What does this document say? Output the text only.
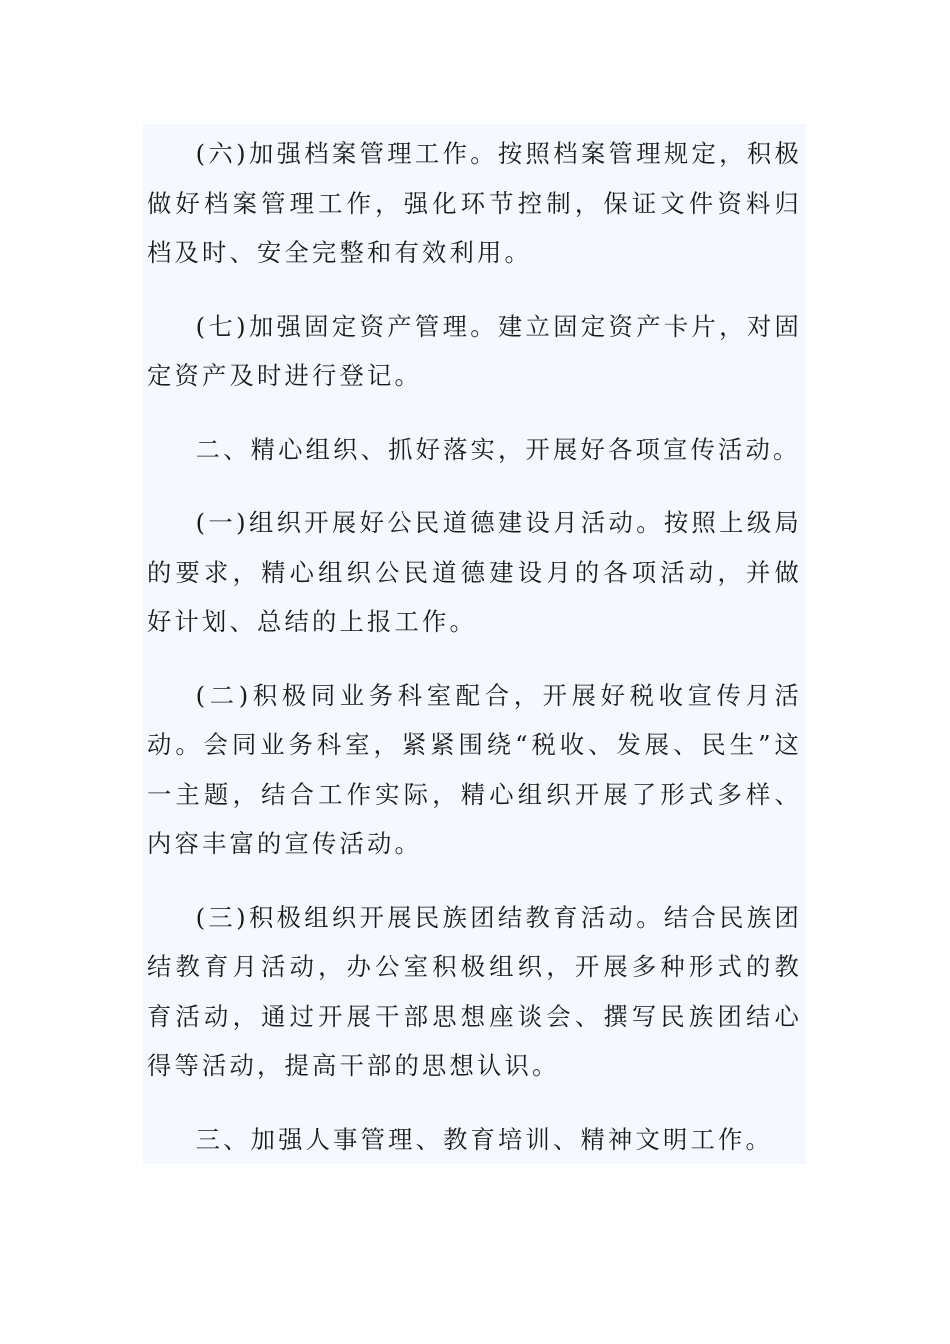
(六)加强档案管理工作。按照档案管理规定，积极做好档案管理工作，强化环节控制，保证文件资料归档及时、安全完整和有效利用。

(七)加强固定资产管理。建立固定资产卡片，对固定资产及时进行登记。

二、精心组织、抓好落实，开展好各项宣传活动。

(一)组织开展好公民道德建设月活动。按照上级局的要求，精心组织公民道德建设月的各项活动，并做好计划、总结的上报工作。

(二)积极同业务科室配合，开展好税收宣传月活动。会同业务科室，紧紧围绕“税收、发展、民生”这一主题，结合工作实际，精心组织开展了形式多样、内容丰富的宣传活动。

(三)积极组织开展民族团结教育活动。结合民族团结教育月活动，办公室积极组织，开展多种形式的教育活动，通过开展干部思想座谈会、撰写民族团结心得等活动，提高干部的思想认识。

三、加强人事管理、教育培训、精神文明工作。
